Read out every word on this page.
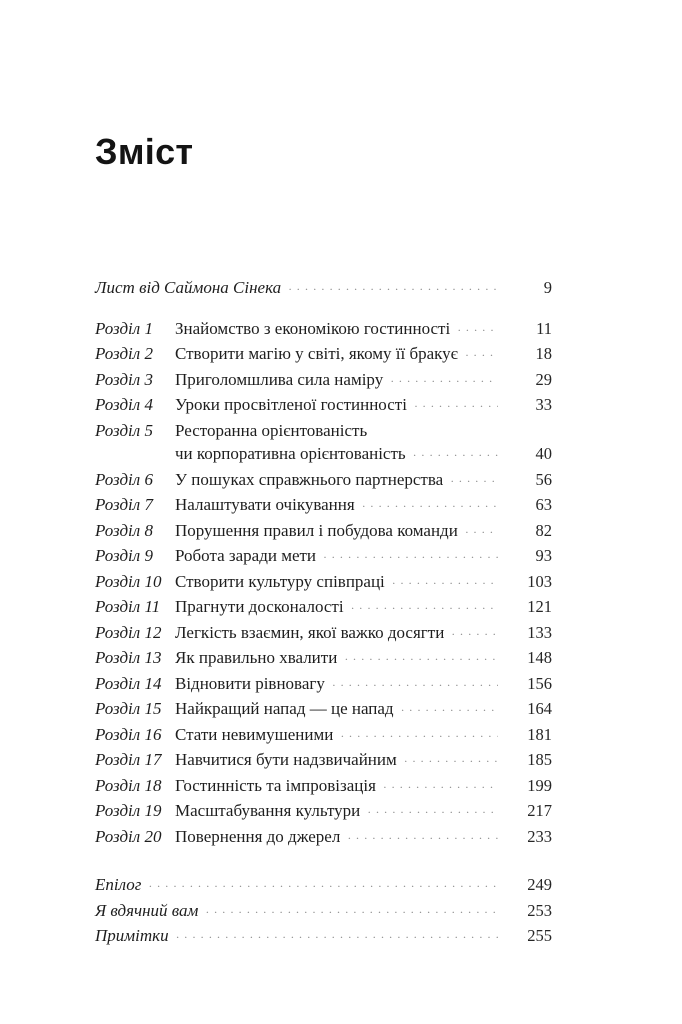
Зміст
Лист від Саймона Сінека ·····	9
Розділ 1	Знайомство з економікою гостинності ·····	11
Розділ 2	Створити магію у світі, якому її бракує ·····	18
Розділ 3	Приголомшлива сила наміру ·····	29
Розділ 4	Уроки просвітленої гостинності ·····	33
Розділ 5	Ресторанна орієнтованість
чи корпоративна орієнтованість ·····	40
Розділ 6	У пошуках справжнього партнерства ·····	56
Розділ 7	Налаштувати очікування ·····	63
Розділ 8	Порушення правил і побудова команди ·····	82
Розділ 9	Робота заради мети ·····	93
Розділ 10 Створити культуру співпраці ·····	103
Розділ 11 Прагнути досконалості ·····	121
Розділ 12 Легкість взаємин, якої важко досягти ·····	133
Розділ 13 Як правильно хвалити ·····	148
Розділ 14 Відновити рівновагу ·····	156
Розділ 15 Найкращий напад — це напад ·····	164
Розділ 16 Стати невимушеними ·····	181
Розділ 17 Навчитися бути надзвичайним ·····	185
Розділ 18 Гостинність та імпровізація ·····	199
Розділ 19 Масштабування культури ·····	217
Розділ 20 Повернення до джерел ·····	233
Епілог ·····	249
Я вдячний вам ·····	253
Примітки ·····	255
